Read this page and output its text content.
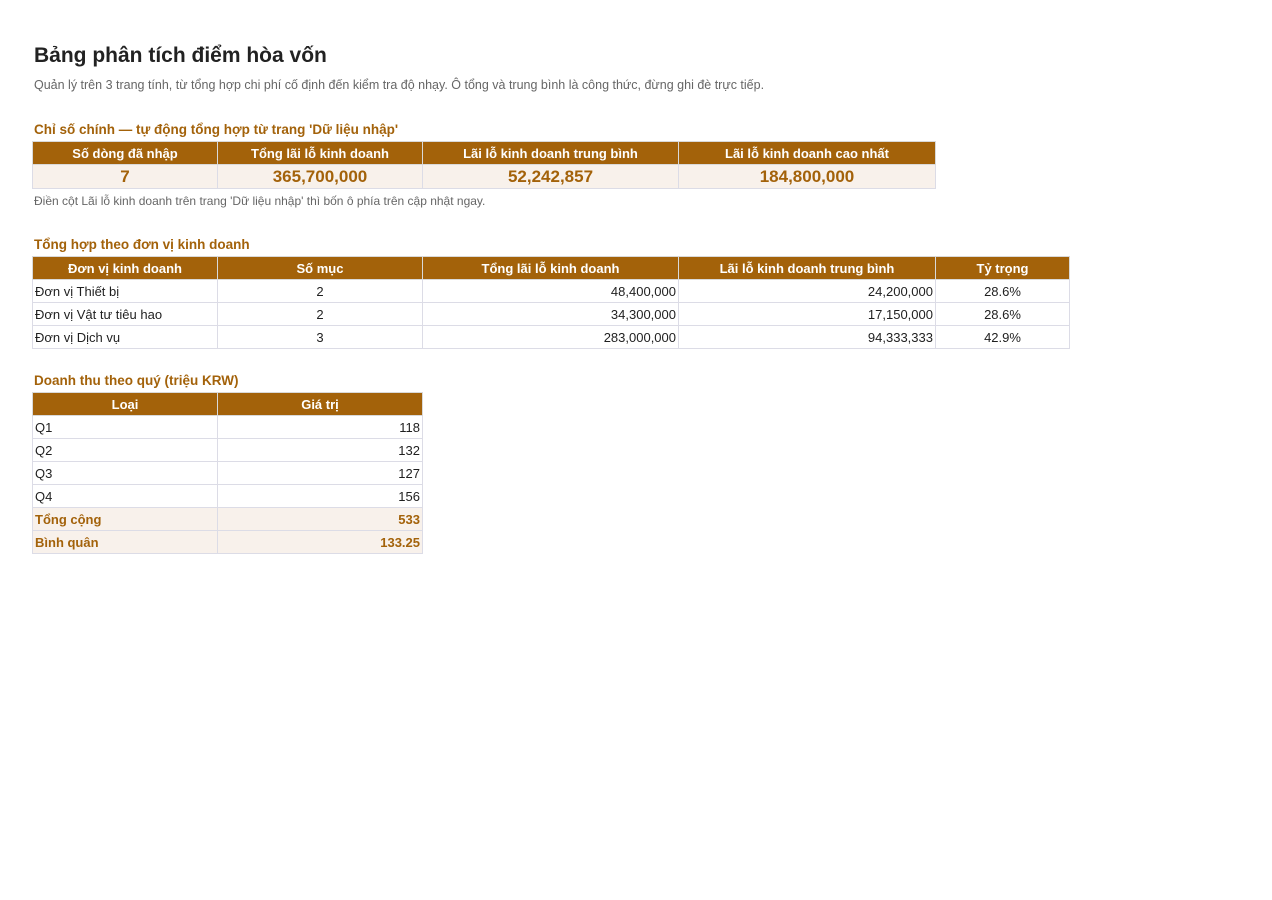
Bảng phân tích điểm hòa vốn
Quản lý trên 3 trang tính, từ tổng hợp chi phí cố định đến kiểm tra độ nhạy. Ô tổng và trung bình là công thức, đừng ghi đè trực tiếp.
Chỉ số chính — tự động tổng hợp từ trang 'Dữ liệu nhập'
Số dòng đã nhập	Tổng lãi lỗ kinh doanh	Lãi lỗ kinh doanh trung bình	Lãi lỗ kinh doanh cao nhất
7	365,700,000	52,242,857	184,800,000
Điền cột Lãi lỗ kinh doanh trên trang 'Dữ liệu nhập' thì bốn ô phía trên cập nhật ngay.
Tổng hợp theo đơn vị kinh doanh
Đơn vị kinh doanh	Số mục	Tổng lãi lỗ kinh doanh	Lãi lỗ kinh doanh trung bình	Tỷ trọng
Đơn vị Thiết bị	2	48,400,000	24,200,000	28.6%
Đơn vị Vật tư tiêu hao	2	34,300,000	17,150,000	28.6%
Đơn vị Dịch vụ	3	283,000,000	94,333,333	42.9%
Doanh thu theo quý (triệu KRW)
Loại	Giá trị
Q1	118
Q2	132
Q3	127
Q4	156
Tổng cộng	533
Bình quân	133.25
